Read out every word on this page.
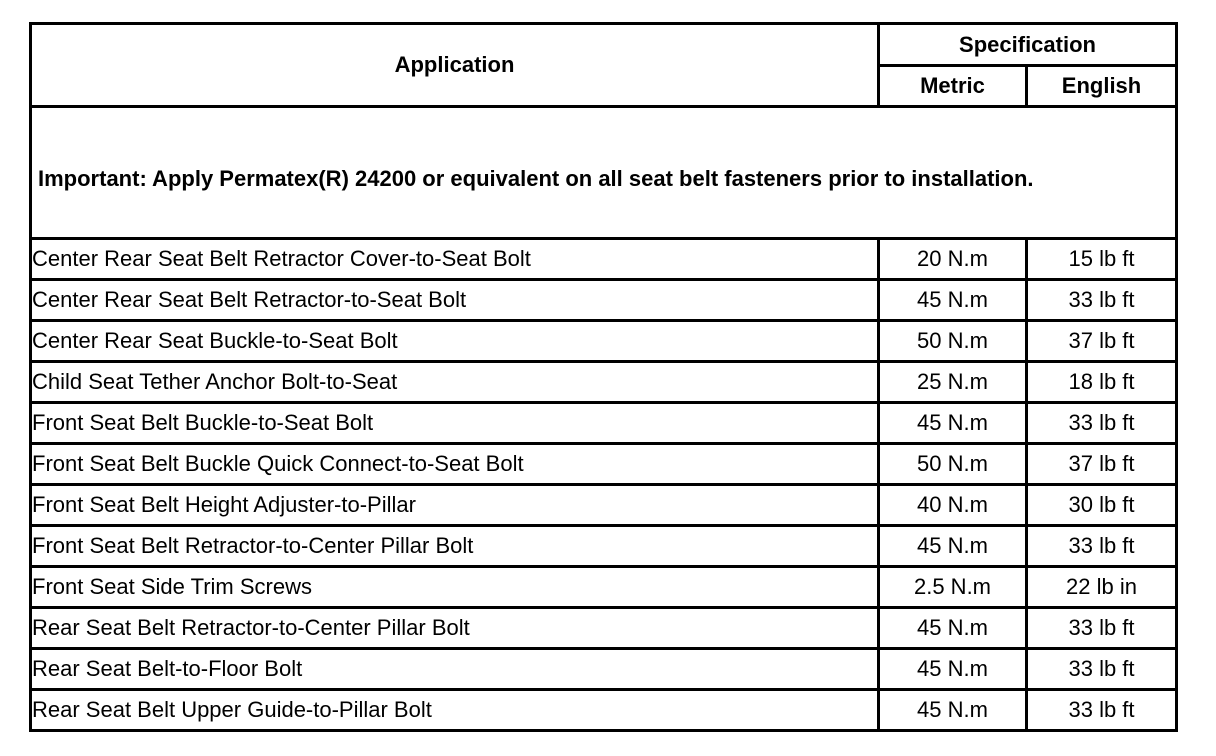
Application	Specification	
	Metric	English
Important: Apply Permatex(R) 24200 or equivalent on all seat belt fasteners prior to installation.		
Center Rear Seat Belt Retractor Cover-to-Seat Bolt	20 N.m	15 lb ft
Center Rear Seat Belt Retractor-to-Seat Bolt	45 N.m	33 lb ft
Center Rear Seat Buckle-to-Seat Bolt	50 N.m	37 lb ft
Child Seat Tether Anchor Bolt-to-Seat	25 N.m	18 lb ft
Front Seat Belt Buckle-to-Seat Bolt	45 N.m	33 lb ft
Front Seat Belt Buckle Quick Connect-to-Seat Bolt	50 N.m	37 lb ft
Front Seat Belt Height Adjuster-to-Pillar	40 N.m	30 lb ft
Front Seat Belt Retractor-to-Center Pillar Bolt	45 N.m	33 lb ft
Front Seat Side Trim Screws	2.5 N.m	22 lb in
Rear Seat Belt Retractor-to-Center Pillar Bolt	45 N.m	33 lb ft
Rear Seat Belt-to-Floor Bolt	45 N.m	33 lb ft
Rear Seat Belt Upper Guide-to-Pillar Bolt	45 N.m	33 lb ft
